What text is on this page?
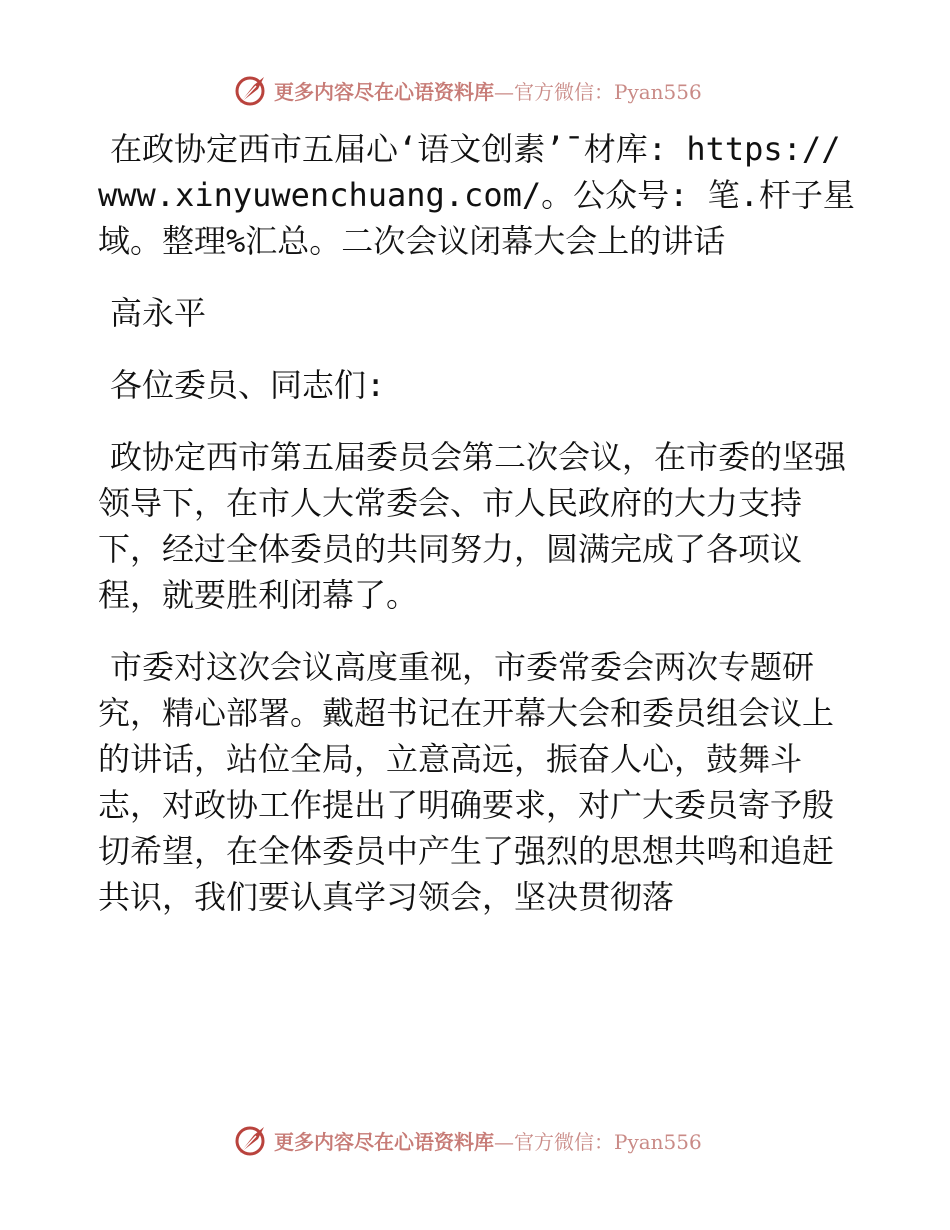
更多内容尽在心语资料库 —官方微信：Pyan556

在政协定西市五届心‘语文创素’¯材库: https://www.xinyuwenchuang.com/。公众号: 笔.杆子星域。整理%汇总。二次会议闭幕大会上的讲话

高永平

各位委员、同志们:

政协定西市第五届委员会第二次会议，在市委的坚强领导下，在市人大常委会、市人民政府的大力支持下，经过全体委员的共同努力，圆满完成了各项议程，就要胜利闭幕了。

市委对这次会议高度重视，市委常委会两次专题研究，精心部署。戴超书记在开幕大会和委员组会议上的讲话，站位全局，立意高远，振奋人心，鼓舞斗志，对政协工作提出了明确要求，对广大委员寄予殷切希望，在全体委员中产生了强烈的思想共鸣和追赶共识，我们要认真学习领会，坚决贯彻落

更多内容尽在心语资料库 —官方微信：Pyan556
